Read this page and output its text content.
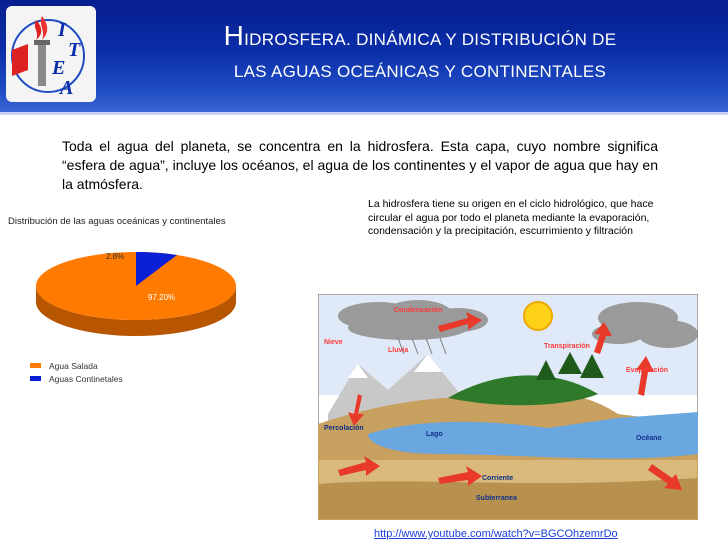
I
T
E
A
HIDROSFERA. DINÁMICA Y DISTRIBUCIÓN DE
LAS AGUAS OCEÁNICAS Y CONTINENTALES
Toda el agua del planeta, se concentra en la hidrosfera. Esta capa, cuyo nombre significa “esfera de agua”, incluye los océanos, el agua de los continentes y el vapor de agua que hay en la atmósfera.
Distribución de las aguas oceánicas y continentales
97.20%
2.8%
Agua Salada
Aguas Continetales
La hidrosfera tiene su origen en el ciclo hidrológico, que hace circular el agua por todo el planeta mediante la evaporación, condensación y la precipitación, escurrimiento y filtración
Condensación
Lluvia
Nieve
Transpiración
Evaporación
Lago
Percolación
Océano
Corriente
Subterranea
http://www.youtube.com/watch?v=BGCOhzemrDo
